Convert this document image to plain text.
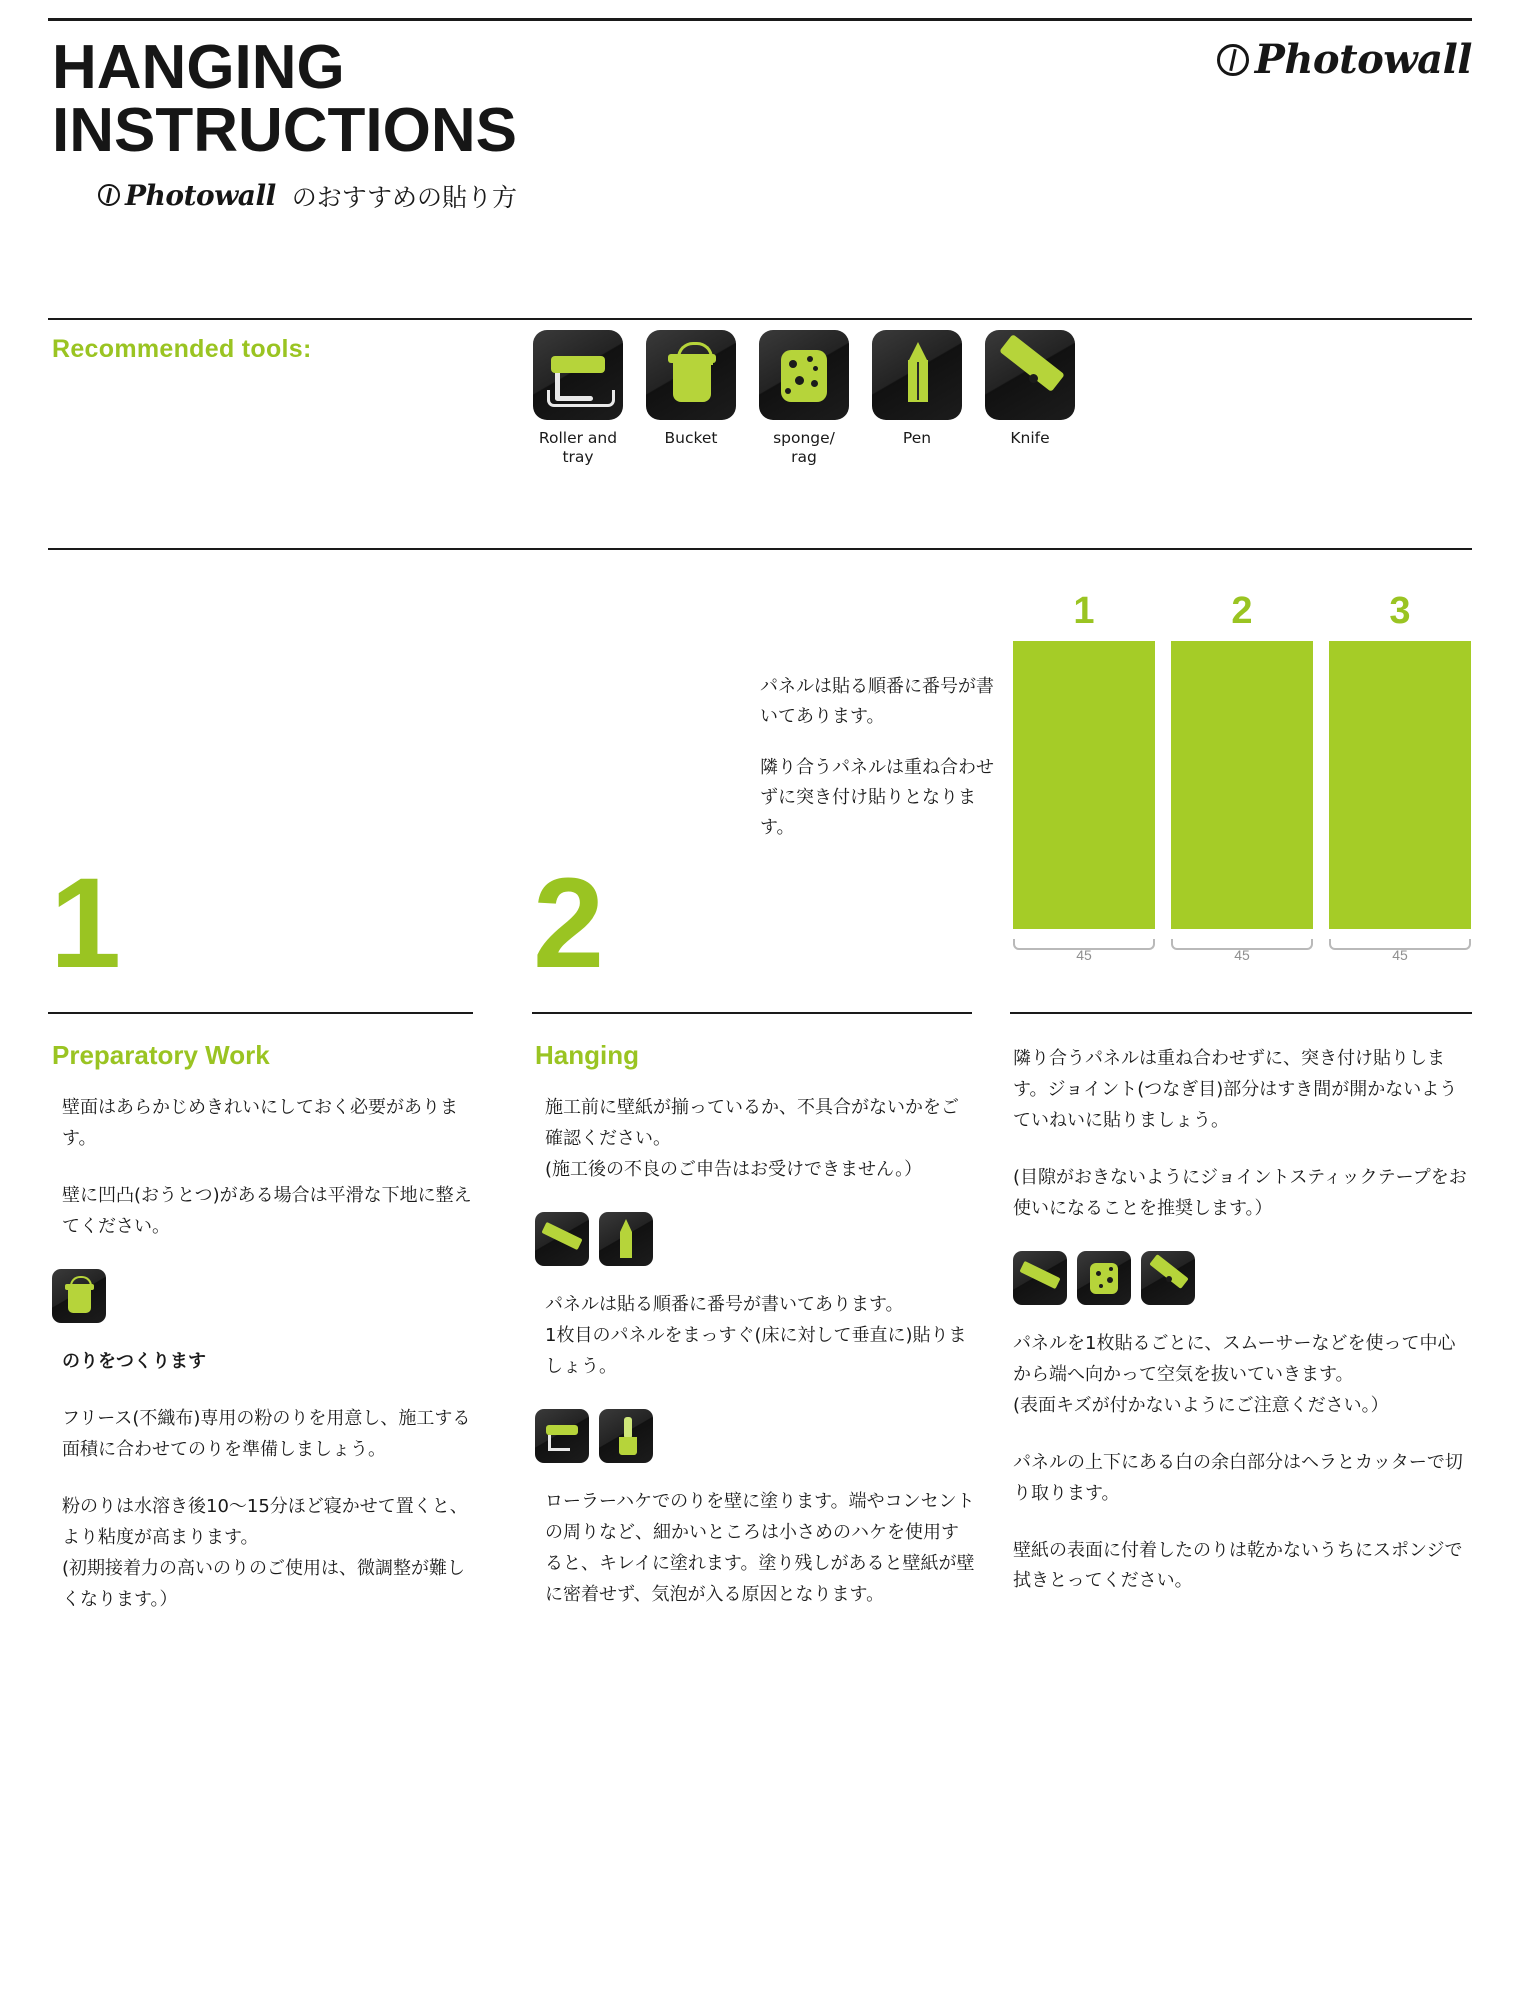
HANGING
INSTRUCTIONS
Photowall のおすすめの貼り方
Photowall
Recommended tools:
Roller and tray
Bucket	sponge/ rag
Pen	Knife

パネルは貼る順番に番号が書いてあります。

隣り合うパネルは重ね合わせずに突き付け貼りとなります。

1	2	3
45	45	45
1	2
Preparatory Work

壁面はあらかじめきれいにしておく必要があります。

壁に凹凸(おうとつ)がある場合は平滑な下地に整えてください。

のりをつくります

フリース(不織布)専用の粉のりを用意し、施工する面積に合わせてのりを準備しましょう。

粉のりは水溶き後10～15分ほど寝かせて置くと、より粘度が高まります。

(初期接着力の高いのりのご使用は、微調整が難しくなります。）

Hanging

施工前に壁紙が揃っているか、不具合がないかをご確認ください。

(施工後の不良のご申告はお受けできません。）

パネルは貼る順番に番号が書いてあります。

1枚目のパネルをまっすぐ(床に対して垂直に)貼りましょう。

ローラーハケでのりを壁に塗ります。端やコンセントの周りなど、細かいところは小さめのハケを使用すると、キレイに塗れます。塗り残しがあると壁紙が壁に密着せず、気泡が入る原因となります。

隣り合うパネルは重ね合わせずに、突き付け貼りします。ジョイント(つなぎ目)部分はすき間が開かないようていねいに貼りましょう。

(目隙がおきないようにジョイントスティックテープをお使いになることを推奨します。）

パネルを1枚貼るごとに、スムーサーなどを使って中心から端へ向かって空気を抜いていきます。

(表面キズが付かないようにご注意ください。）

パネルの上下にある白の余白部分はヘラとカッターで切り取ります。

壁紙の表面に付着したのりは乾かないうちにスポンジで拭きとってください。
